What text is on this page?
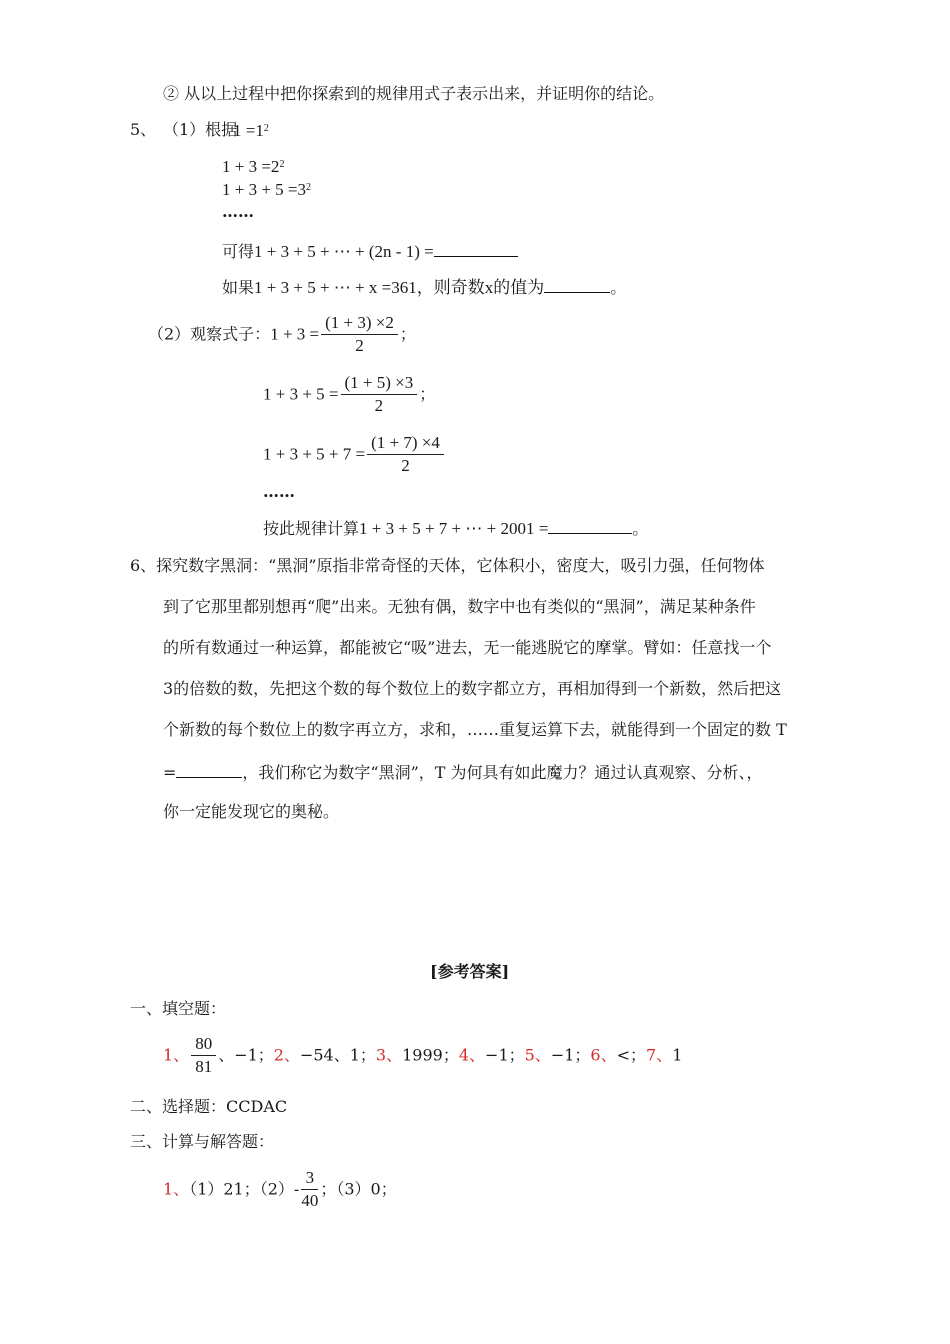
② 从以上过程中把你探索到的规律用式子表示出来，并证明你的结论。
5、 （1）根据
$1 =1^2$
$1 + 3 =2^2$
$1 + 3 + 5 =3^2$
……
可得1 + 3 + 5 + ⋯ + (2n - 1) =
如果1 + 3 + 5 + ⋯ + x =361，则奇数x的值为	。
（2）观察式子：$1 + 3 = \frac{(1 + 3) \times 2}{2}$ ；
$1 + 3 + 5 = \frac{(1 + 5) \times 3}{2}$ ；
$1 + 3 + 5 + 7 = \frac{(1 + 7) \times 4}{2}$
……
按此规律计算1 + 3 + 5 + 7 + ⋯ + 2001 =	。
6、探究数字黑洞：“黑洞”原指非常奇怪的天体，它体积小，密度大，吸引力强，任何物体
到了它那里都别想再“爬”出来。无独有偶，数字中也有类似的“黑洞”，满足某种条件
的所有数通过一种运算，都能被它“吸”进去，无一能逃脱它的摩掌。臂如：任意找一个
3的倍数的数，先把这个数的每个数位上的数字都立方，再相加得到一个新数，然后把这
个新数的每个数位上的数字再立方，求和，……重复运算下去，就能得到一个固定的数 T
=	，我们称它为数字“黑洞”，T 为何具有如此魔力？通过认真观察、分析、，
你一定能发现它的奥秘。
[参考答案]
一、填空题：
1、 $\frac{80}{81}$ 、−1；2、−54、1；3、1999；4、−1；5、−1；6、<；7、1
二、选择题：CCDAC
三、计算与解答题：
1、（1）21；$(2)- \frac{3}{40}$ ；（3）0；
